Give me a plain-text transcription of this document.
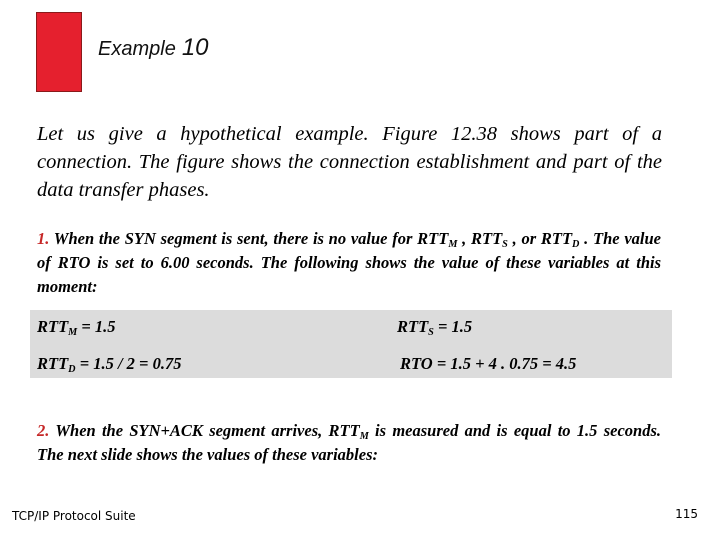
Example 10

Let us give a hypothetical example. Figure 12.38 shows part of a connection. The figure shows the connection establishment and part of the data transfer phases.

1. When the SYN segment is sent, there is no value for $RTT_M$ , $RTT_S$ , or $RTT_D$ . The value of RTO is set to 6.00 seconds. The following shows the value of these variables at this moment:

$RTT_M = 1.5$	$RTT_S = 1.5$
$RTT_D = 1.5 / 2 = 0.75$	RTO = 1.5 + 4 . 0.75 = 4.5

2. When the SYN+ACK segment arrives, $RTT_M$ is measured and is equal to 1.5 seconds. The next slide shows the values of these variables:

TCP/IP Protocol Suite	115
